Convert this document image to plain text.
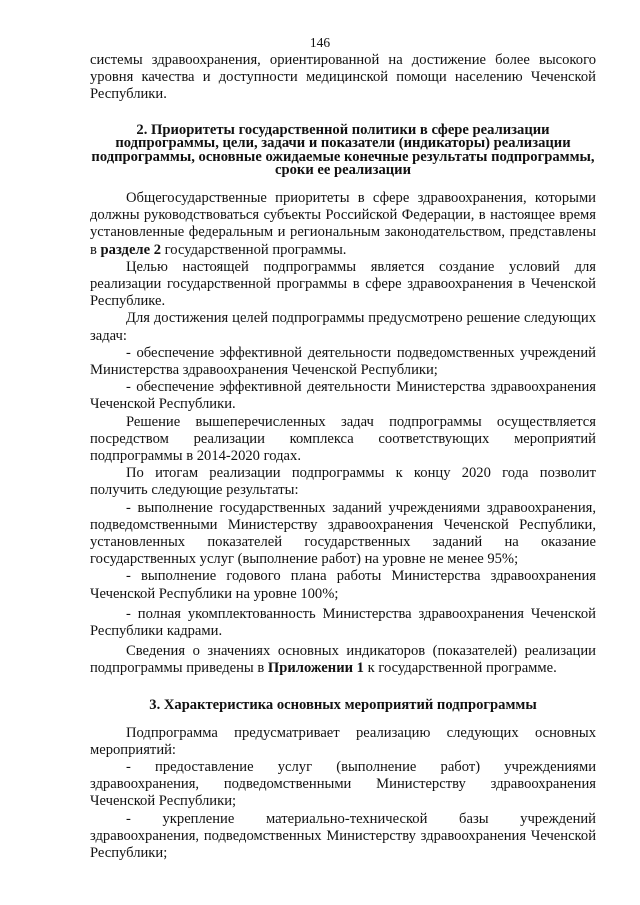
146

системы здравоохранения, ориентированной на достижение более высокого уровня качества и доступности медицинской помощи населению Чеченской Республики.

2. Приоритеты государственной политики в сфере реализации подпрограммы, цели, задачи и показатели (индикаторы) реализации подпрограммы, основные ожидаемые конечные результаты подпрограммы, сроки ее реализации

Общегосударственные приоритеты в сфере здравоохранения, которыми должны руководствоваться субъекты Российской Федерации, в настоящее время установленные федеральным и региональным законодательством, представлены в разделе 2 государственной программы.

Целью настоящей подпрограммы является создание условий для реализации государственной программы в сфере здравоохранения в Чеченской Республике.

Для достижения целей подпрограммы предусмотрено решение следующих задач:

- обеспечение эффективной деятельности подведомственных учреждений Министерства здравоохранения Чеченской Республики;

- обеспечение эффективной деятельности Министерства здравоохранения Чеченской Республики.

Решение вышеперечисленных задач подпрограммы осуществляется посредством реализации комплекса соответствующих мероприятий подпрограммы в 2014-2020 годах.

По итогам реализации подпрограммы к концу 2020 года позволит получить следующие результаты:

- выполнение государственных заданий учреждениями здравоохранения, подведомственными Министерству здравоохранения Чеченской Республики, установленных показателей государственных заданий на оказание государственных услуг (выполнение работ) на уровне не менее 95%;

- выполнение годового плана работы Министерства здравоохранения Чеченской Республики на уровне 100%;

- полная укомплектованность Министерства здравоохранения Чеченской Республики кадрами.

Сведения о значениях основных индикаторов (показателей) реализации подпрограммы приведены в Приложении 1 к государственной программе.

3. Характеристика основных мероприятий подпрограммы

Подпрограмма предусматривает реализацию следующих основных мероприятий:

- предоставление услуг (выполнение работ) учреждениями здравоохранения, подведомственными Министерству здравоохранения Чеченской Республики;

- укрепление материально-технической базы учреждений здравоохранения, подведомственных Министерству здравоохранения Чеченской Республики;
